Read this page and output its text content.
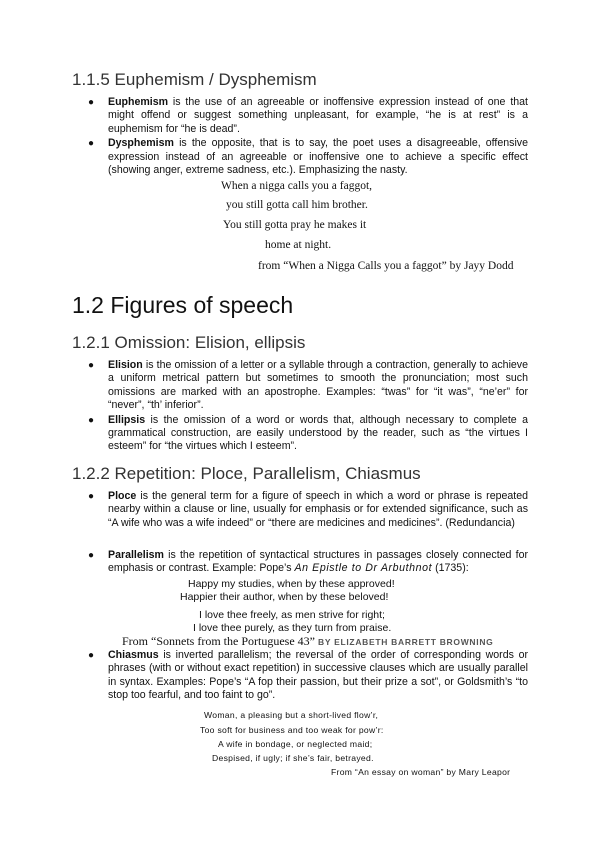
1.1.5 Euphemism / Dysphemism
● Euphemism is the use of an agreeable or inoffensive expression instead of one that might offend or suggest something unpleasant, for example, “he is at rest” is a euphemism for “he is dead”.
● Dysphemism is the opposite, that is to say, the poet uses a disagreeable, offensive expression instead of an agreeable or inoffensive one to achieve a specific effect (showing anger, extreme sadness, etc.). Emphasizing the nasty.
When a nigga calls you a faggot,
you still gotta call him brother.
You still gotta pray he makes it
home at night.
from “When a Nigga Calls you a faggot” by Jayy Dodd
1.2 Figures of speech
1.2.1 Omission: Elision, ellipsis
● Elision is the omission of a letter or a syllable through a contraction, generally to achieve a uniform metrical pattern but sometimes to smooth the pronunciation; most such omissions are marked with an apostrophe. Examples: “twas” for “it was”, “ne’er” for “never”, “th’ inferior”.
● Ellipsis is the omission of a word or words that, although necessary to complete a grammatical construction, are easily understood by the reader, such as “the virtues I esteem” for “the virtues which I esteem”.
1.2.2 Repetition: Ploce, Parallelism, Chiasmus
● Ploce is the general term for a figure of speech in which a word or phrase is repeated nearby within a clause or line, usually for emphasis or for extended significance, such as “A wife who was a wife indeed” or “there are medicines and medicines”. (Redundancia)
● Parallelism is the repetition of syntactical structures in passages closely connected for emphasis or contrast. Example: Pope’s An Epistle to Dr Arbuthnot (1735):
Happy my studies, when by these approved!
Happier their author, when by these beloved!
I love thee freely, as men strive for right;
I love thee purely, as they turn from praise.
From “Sonnets from the Portuguese 43” BY ELIZABETH BARRETT BROWNING
● Chiasmus is inverted parallelism; the reversal of the order of corresponding words or phrases (with or without exact repetition) in successive clauses which are usually parallel in syntax. Examples: Pope’s “A fop their passion, but their prize a sot”, or Goldsmith’s “to stop too fearful, and too faint to go”.
Woman, a pleasing but a short-lived flow’r,
Too soft for business and too weak for pow’r:
A wife in bondage, or neglected maid;
Despised, if ugly; if she’s fair, betrayed.
From “An essay on woman” by Mary Leapor
